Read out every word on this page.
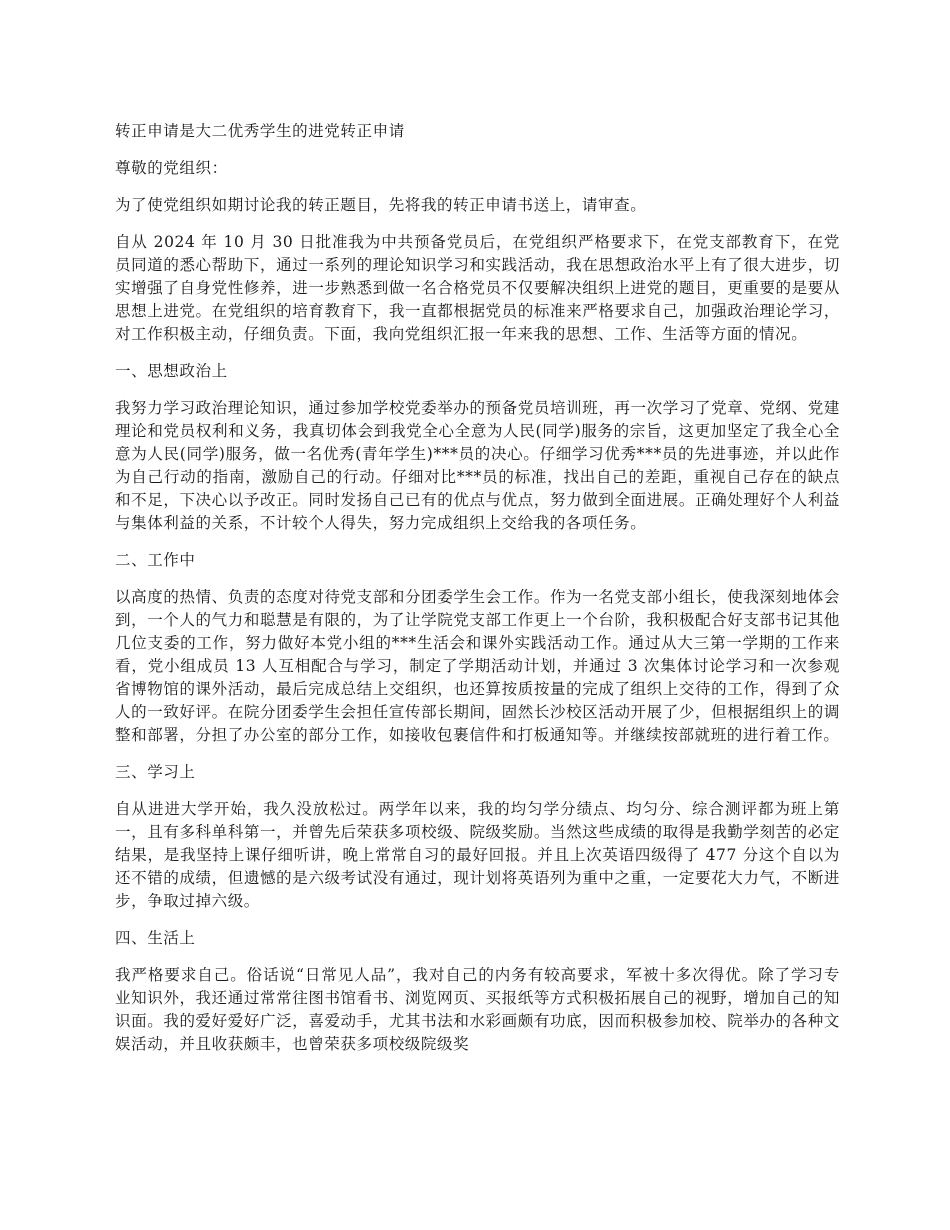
转正申请是大二优秀学生的进党转正申请

尊敬的党组织：

为了使党组织如期讨论我的转正题目，先将我的转正申请书送上，请审查。

自从 2024 年 10 月 30 日批准我为中共预备党员后，在党组织严格要求下，在党支部教育下，在党员同道的悉心帮助下，通过一系列的理论知识学习和实践活动，我在思想政治水平上有了很大进步，切实增强了自身党性修养，进一步熟悉到做一名合格党员不仅要解决组织上进党的题目，更重要的是要从思想上进党。在党组织的培育教育下，我一直都根据党员的标准来严格要求自己，加强政治理论学习，对工作积极主动，仔细负责。下面，我向党组织汇报一年来我的思想、工作、生活等方面的情况。

一、思想政治上

我努力学习政治理论知识，通过参加学校党委举办的预备党员培训班，再一次学习了党章、党纲、党建理论和党员权利和义务，我真切体会到我党全心全意为人民(同学)服务的宗旨，这更加坚定了我全心全意为人民(同学)服务，做一名优秀(青年学生)***员的决心。仔细学习优秀***员的先进事迹，并以此作为自己行动的指南，激励自己的行动。仔细对比***员的标准，找出自己的差距，重视自己存在的缺点和不足，下决心以予改正。同时发扬自己已有的优点与优点，努力做到全面进展。正确处理好个人利益与集体利益的关系，不计较个人得失，努力完成组织上交给我的各项任务。

二、工作中

以高度的热情、负责的态度对待党支部和分团委学生会工作。作为一名党支部小组长，使我深刻地体会到，一个人的气力和聪慧是有限的，为了让学院党支部工作更上一个台阶，我积极配合好支部书记其他几位支委的工作，努力做好本党小组的***生活会和课外实践活动工作。通过从大三第一学期的工作来看，党小组成员 13 人互相配合与学习，制定了学期活动计划，并通过 3 次集体讨论学习和一次参观省博物馆的课外活动，最后完成总结上交组织，也还算按质按量的完成了组织上交待的工作，得到了众人的一致好评。在院分团委学生会担任宣传部长期间，固然长沙校区活动开展了少，但根据组织上的调整和部署，分担了办公室的部分工作，如接收包裹信件和打板通知等。并继续按部就班的进行着工作。

三、学习上

自从进进大学开始，我久没放松过。两学年以来，我的均匀学分绩点、均匀分、综合测评都为班上第一，且有多科单科第一，并曾先后荣获多项校级、院级奖励。当然这些成绩的取得是我勤学刻苦的必定结果，是我坚持上课仔细听讲，晚上常常自习的最好回报。并且上次英语四级得了 477 分这个自以为还不错的成绩，但遗憾的是六级考试没有通过，现计划将英语列为重中之重，一定要花大力气，不断进步，争取过掉六级。

四、生活上

我严格要求自己。俗话说“日常见人品”，我对自己的内务有较高要求，军被十多次得优。除了学习专业知识外，我还通过常常往图书馆看书、浏览网页、买报纸等方式积极拓展自己的视野，增加自己的知识面。我的爱好爱好广泛，喜爱动手，尤其书法和水彩画颇有功底，因而积极参加校、院举办的各种文娱活动，并且收获颇丰，也曾荣获多项校级院级奖
